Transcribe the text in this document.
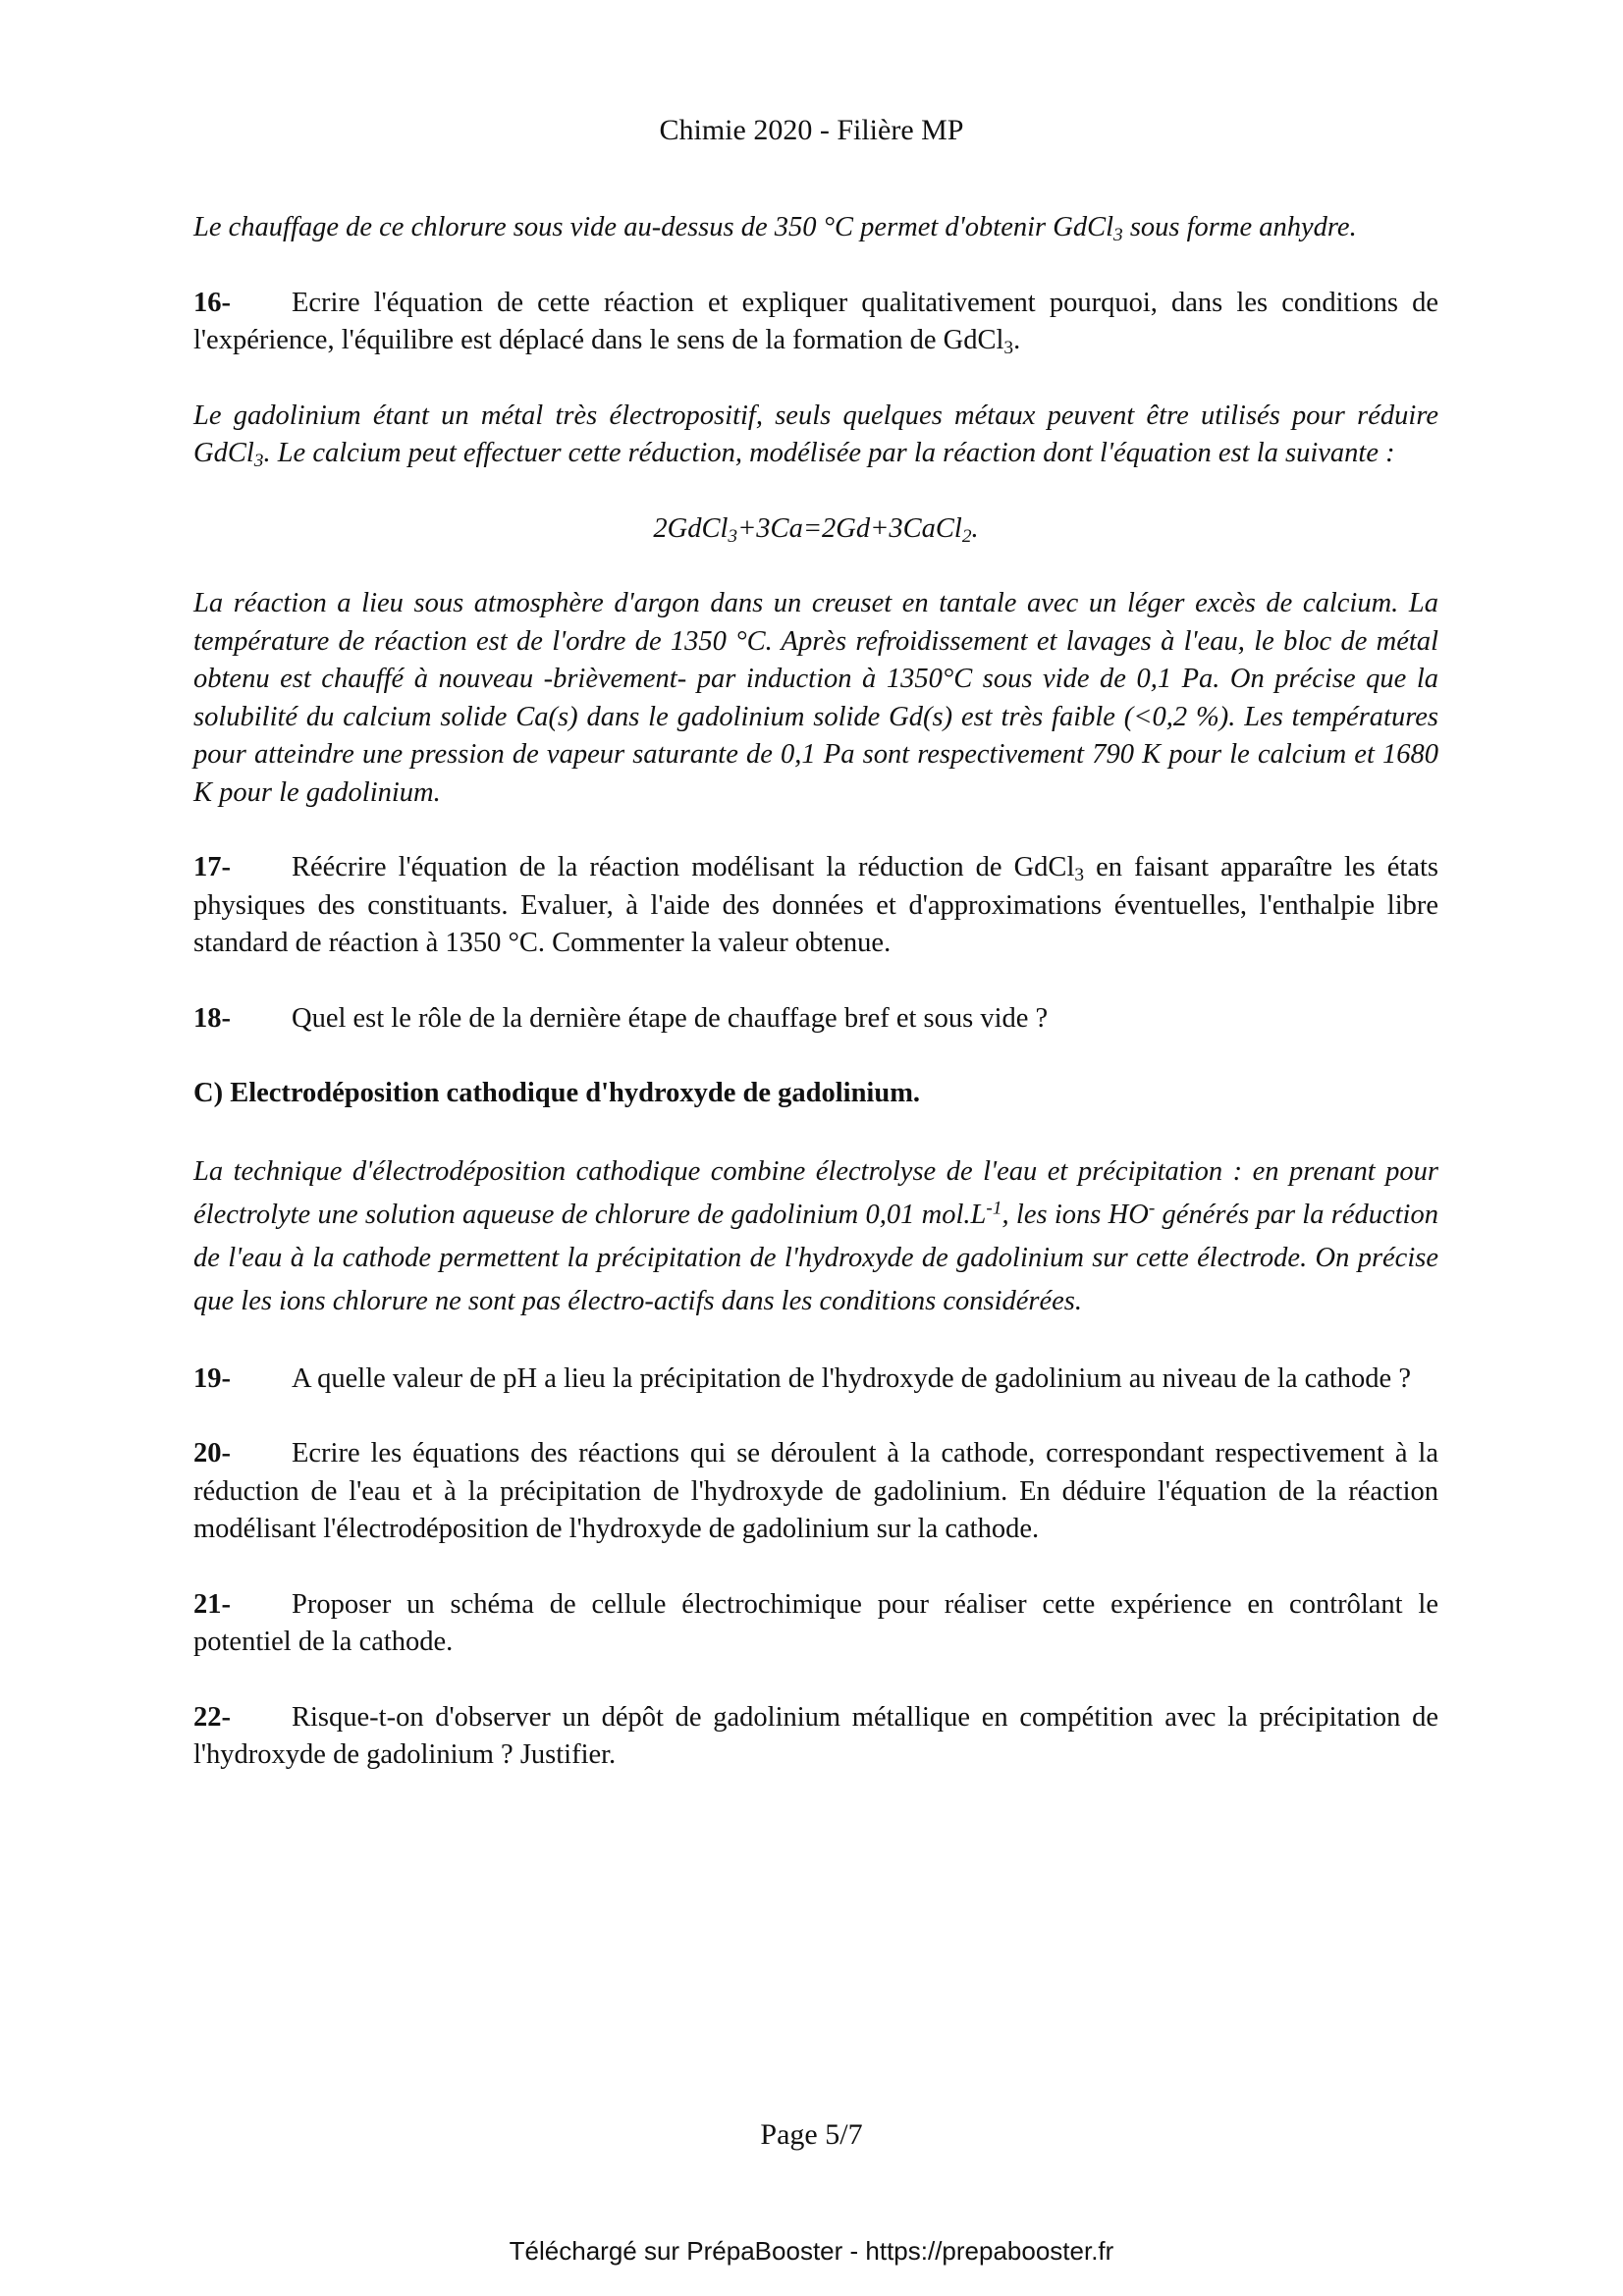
Chimie 2020 - Filière MP

Le chauffage de ce chlorure sous vide au-dessus de 350 °C permet d'obtenir GdCl$_3$ sous forme anhydre.

16- Ecrire l'équation de cette réaction et expliquer qualitativement pourquoi, dans les conditions de l'expérience, l'équilibre est déplacé dans le sens de la formation de GdCl$_3$.

Le gadolinium étant un métal très électropositif, seuls quelques métaux peuvent être utilisés pour réduire GdCl$_3$. Le calcium peut effectuer cette réduction, modélisée par la réaction dont l'équation est la suivante :

2GdCl$_3$+3Ca=2Gd+3CaCl$_2$.

La réaction a lieu sous atmosphère d'argon dans un creuset en tantale avec un léger excès de calcium. La température de réaction est de l'ordre de 1350 °C. Après refroidissement et lavages à l'eau, le bloc de métal obtenu est chauffé à nouveau -brièvement- par induction à 1350°C sous vide de 0,1 Pa. On précise que la solubilité du calcium solide Ca(s) dans le gadolinium solide Gd(s) est très faible (<0,2 %). Les températures pour atteindre une pression de vapeur saturante de 0,1 Pa sont respectivement 790 K pour le calcium et 1680 K pour le gadolinium.

17- Réécrire l'équation de la réaction modélisant la réduction de GdCl$_3$ en faisant apparaître les états physiques des constituants. Evaluer, à l'aide des données et d'approximations éventuelles, l'enthalpie libre standard de réaction à 1350 °C. Commenter la valeur obtenue.

18- Quel est le rôle de la dernière étape de chauffage bref et sous vide ?

C) Electrodéposition cathodique d'hydroxyde de gadolinium.

La technique d'électrodéposition cathodique combine électrolyse de l'eau et précipitation : en prenant pour électrolyte une solution aqueuse de chlorure de gadolinium 0,01 $mol.L^{-1}$, les ions HO- générés par la réduction de l'eau à la cathode permettent la précipitation de l'hydroxyde de gadolinium sur cette électrode. On précise que les ions chlorure ne sont pas électro-actifs dans les conditions considérées.

19- A quelle valeur de pH a lieu la précipitation de l'hydroxyde de gadolinium au niveau de la cathode ?

20- Ecrire les équations des réactions qui se déroulent à la cathode, correspondant respectivement à la réduction de l'eau et à la précipitation de l'hydroxyde de gadolinium. En déduire l'équation de la réaction modélisant l'électrodéposition de l'hydroxyde de gadolinium sur la cathode.

21- Proposer un schéma de cellule électrochimique pour réaliser cette expérience en contrôlant le potentiel de la cathode.

22- Risque-t-on d'observer un dépôt de gadolinium métallique en compétition avec la précipitation de l'hydroxyde de gadolinium ? Justifier.

Page 5/7
Téléchargé sur PrépaBooster - https://prepabooster.fr
